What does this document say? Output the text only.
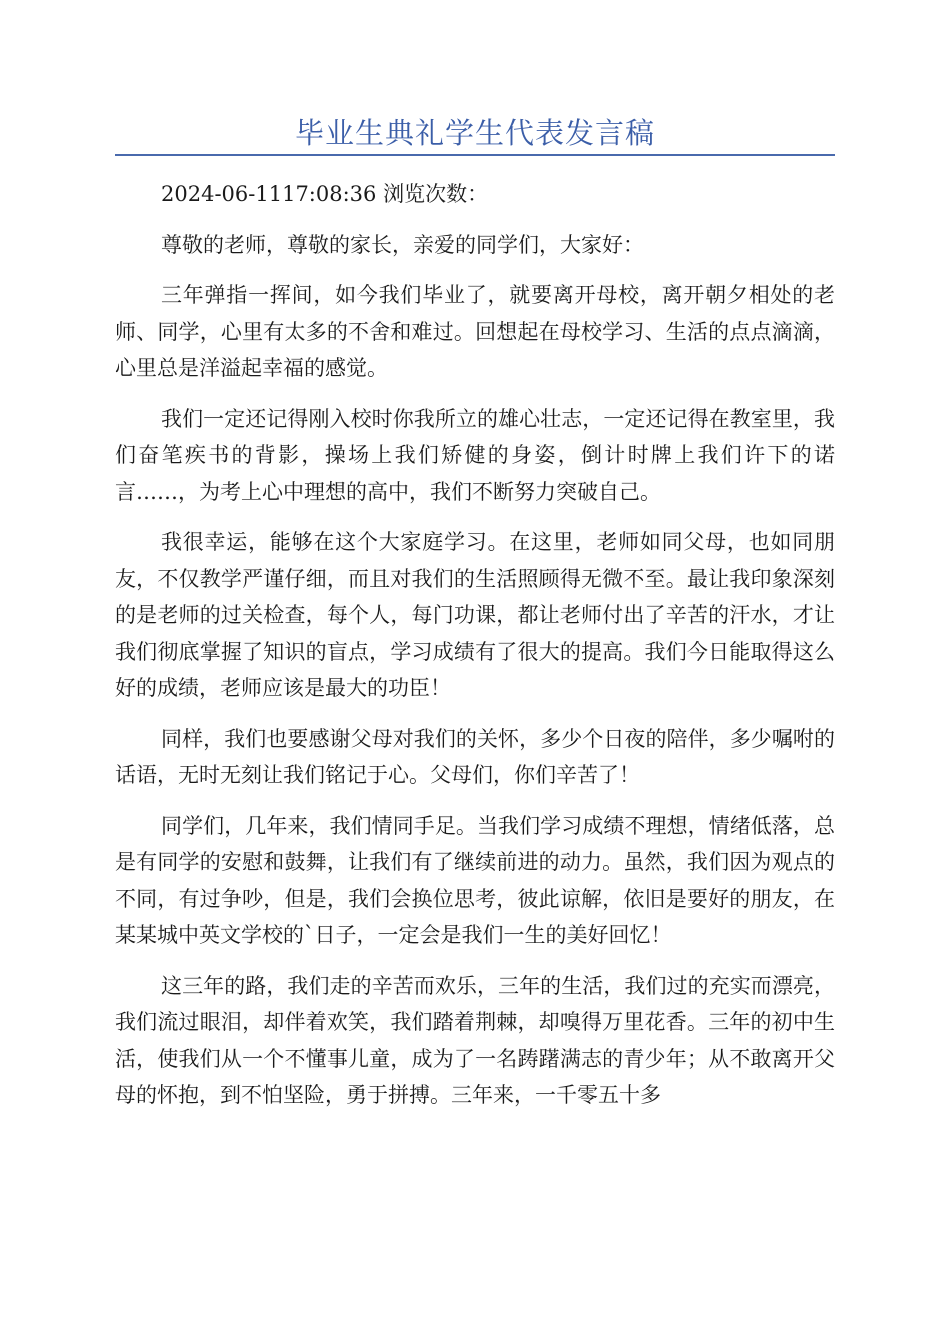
毕业生典礼学生代表发言稿

2024-06-1117:08:36 浏览次数：

尊敬的老师，尊敬的家长，亲爱的同学们，大家好：

三年弹指一挥间，如今我们毕业了，就要离开母校，离开朝夕相处的老师、同学，心里有太多的不舍和难过。回想起在母校学习、生活的点点滴滴，心里总是洋溢起幸福的感觉。

我们一定还记得刚入校时你我所立的雄心壮志，一定还记得在教室里，我们奋笔疾书的背影，操场上我们矫健的身姿，倒计时牌上我们许下的诺言……，为考上心中理想的高中，我们不断努力突破自己。

我很幸运，能够在这个大家庭学习。在这里，老师如同父母，也如同朋友，不仅教学严谨仔细，而且对我们的生活照顾得无微不至。最让我印象深刻的是老师的过关检查，每个人，每门功课，都让老师付出了辛苦的汗水，才让我们彻底掌握了知识的盲点，学习成绩有了很大的提高。我们今日能取得这么好的成绩，老师应该是最大的功臣！

同样，我们也要感谢父母对我们的关怀，多少个日夜的陪伴，多少嘱咐的话语，无时无刻让我们铭记于心。父母们，你们辛苦了！

同学们，几年来，我们情同手足。当我们学习成绩不理想，情绪低落，总是有同学的安慰和鼓舞，让我们有了继续前进的动力。虽然，我们因为观点的不同，有过争吵，但是，我们会换位思考，彼此谅解，依旧是要好的朋友，在某某城中英文学校的`日子，一定会是我们一生的美好回忆！

这三年的路，我们走的辛苦而欢乐，三年的生活，我们过的充实而漂亮，我们流过眼泪，却伴着欢笑，我们踏着荆棘，却嗅得万里花香。三年的初中生活，使我们从一个不懂事儿童，成为了一名踌躇满志的青少年；从不敢离开父母的怀抱，到不怕坚险，勇于拼搏。三年来，一千零五十多
